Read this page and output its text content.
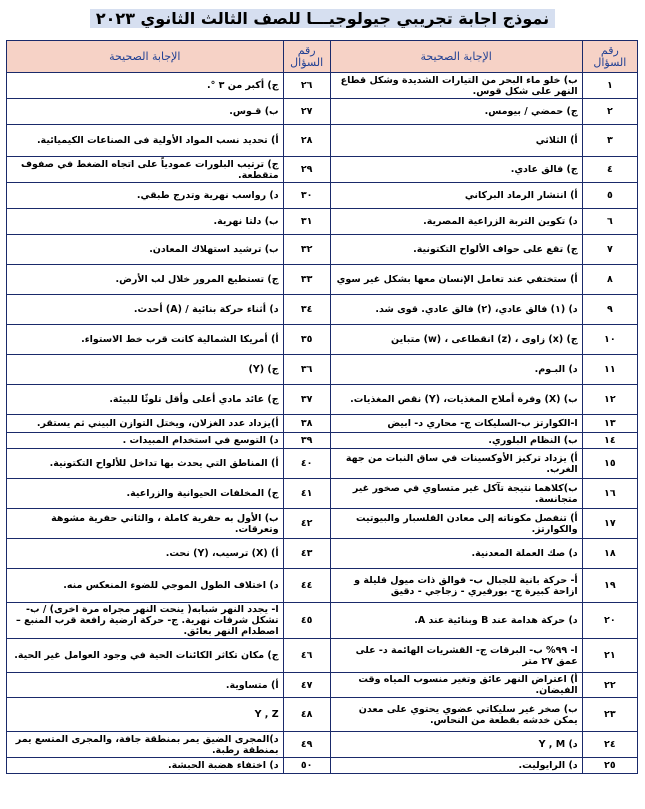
نموذج اجابة تجريبي جيولوجيـــا للصف الثالث الثانوي ٢٠٢٣
رقم السؤال	الإجابة الصحيحة	رقم السؤال	الإجابة الصحيحة
١	ب) خلو ماء البحر من التيارات الشديدة وشكل قطاع النهر على شكل قوس.	٢٦	ج) أكبر من ٣ °.
٢	ج) حمضي / بيومس.	٢٧	ب) قـوس.
٣	أ) الثلاثي	٢٨	أ) تحديد نسب المواد الأولية فى الصناعات الكيميائية.
٤	ج) فالق عادي.	٢٩	ج) ترتيب البلورات عمودياً على اتجاه الضغط في صفوف متقطعة.
٥	أ) انتشار الرماد البركاني	٣٠	د) رواسب نهرية وتدرج طبقي.
٦	د) تكوين التربة الزراعية المصرية.	٣١	ب) دلتا نهرية.
٧	ج) تقع على حواف الألواح التكتونية.	٣٢	ب) ترشيد استهلاك المعادن.
٨	أ) ستختفي عند تعامل الإنسان معها بشكل غير سوي	٣٣	ج) تستطيع المرور خلال لب الأرض.
٩	د) (١) فالق عادي، (٢) فالق عادي. قوى شد.	٣٤	د) أثناء حركة بنائية / (A) أحدث.
١٠	ج) (x) زاوى ، (z) انقطاعى ، (w) متباين	٣٥	أ) أمريكا الشمالية كانت قرب خط الاستواء.
١١	د) البـوم.	٣٦	ج) (Y)
١٢	ب) (X) وفرة أملاح المغذيات، (Y) نقص المغذيات.	٣٧	ج) عائد مادي أعلى وأقل تلوثًا للبيئة.
١٣	ا-الكوارتز ب-السليكات ج- محاري د- ابيض	٣٨	أ)يزداد عدد الغزلان، ويختل التوازن البيني ثم يستقر.
١٤	ب) النظام البلوري.	٣٩	د) التوسع في استخدام المبيدات .
١٥	أ) يزداد تركيز الأوكسينات في ساق النبات من جهة الغرب.	٤٠	أ) المناطق التي يحدث بها تداخل للألواح التكتونية.
١٦	ب)كلاهما نتيجة تآكل غير متساوي في صخور غير متجانسة.	٤١	ج) المخلفات الحيوانية والزراعية.
١٧	أ) تنفصل مكوناته إلى معادن الفلسبار والبيوتيت والكوارتز.	٤٢	ب) الأول به حفرية كاملة ، والثاني حفرية مشوهة وتعرقات.
١٨	د) صك العملة المعدنية.	٤٣	أ) (X) ترسيب، (Y) نحت.
١٩	أ- حركة بانية للجبال ب- فوالق ذات ميول قليلة و ازاحة كبيرة ج- بورفيري - زجاجي - دقيق	٤٤	د) اختلاف الطول الموجي للضوء المنعكس منه.
٢٠	د) حركة هدامة عند B وبنائية عند A.	٤٥	ا- يجدد النهر شبابه( ينحت النهر مجراه مرة اخرى) / ب-تشكل شرفات نهرية. ج- حركة ارضية رافعة قرب المنبع – اصطدام النهر بعائق.
٢١	ا- ٩٩% ب- البرقات ج- القشريات الهائمة د- على عمق ٢٧ متر	٤٦	ج) مكان تكاثر الكائنات الحية في وجود العوامل غير الحية.
٢٢	أ) اعتراض النهر عائق وتغير منسوب المياه وقت الفيضان.	٤٧	أ) متساوية.
٢٣	ب) صخر غير سليكاتي عضوي يحتوي على معدن يمكن خدشه بقطعة من النحاس.	٤٨	Y , Z
٢٤	د) Y , M	٤٩	د)المجرى الضيق يمر بمنطقة جافة، والمجرى المتسع يمر بمنطقة رطبة.
٢٥	د) الرايوليت.	٥٠	د) اختفاء هضبة الحبشة.
